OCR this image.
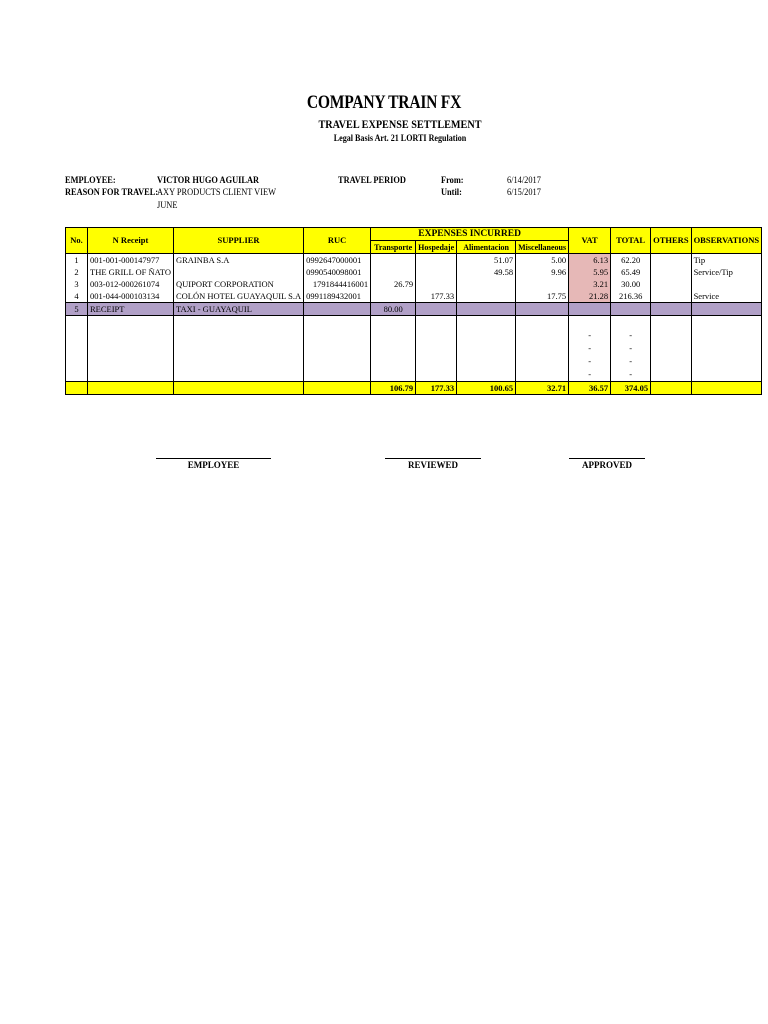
COMPANY TRAIN FX
TRAVEL EXPENSE SETTLEMENT
Legal Basis Art. 21 LORTI Regulation
EMPLOYEE:	VICTOR HUGO AGUILAR
REASON FOR TRAVEL:
AXY PRODUCTS CLIENT VIEW
JUNE
TRAVEL PERIOD	From:	6/14/2017
Until:	6/15/2017
No.	N Receipt	SUPPLIER	RUC	EXPENSES INCURRED				VAT	TOTAL	OTHERS	OBSERVATIONS
				Transporte	Hospedaje	Alimentacion	Miscellaneous				
1	001-001-000147977	GRAINBA S.A	0992647000001			51.07	5.00	6.13	62.20		Tip
2	THE GRILL OF ÑATO		0990540098001			49.58	9.96	5.95	65.49		Service/Tip
3	003-012-000261074	QUIPORT CORPORATION	1791844416001	26.79				3.21	30.00		
4	001-044-000103134	COLÓN HOTEL GUAYAQUIL S.A	0991189432001		177.33		17.75	21.28	216.36		Service
5	RECEIPT	TAXI - GUAYAQUIL		80.00							

								-	-		
								-	-		
								-	-		
								-	-		
				106.79	177.33	100.65	32.71	36.57	374.05		
EMPLOYEE	REVIEWED	APPROVED
